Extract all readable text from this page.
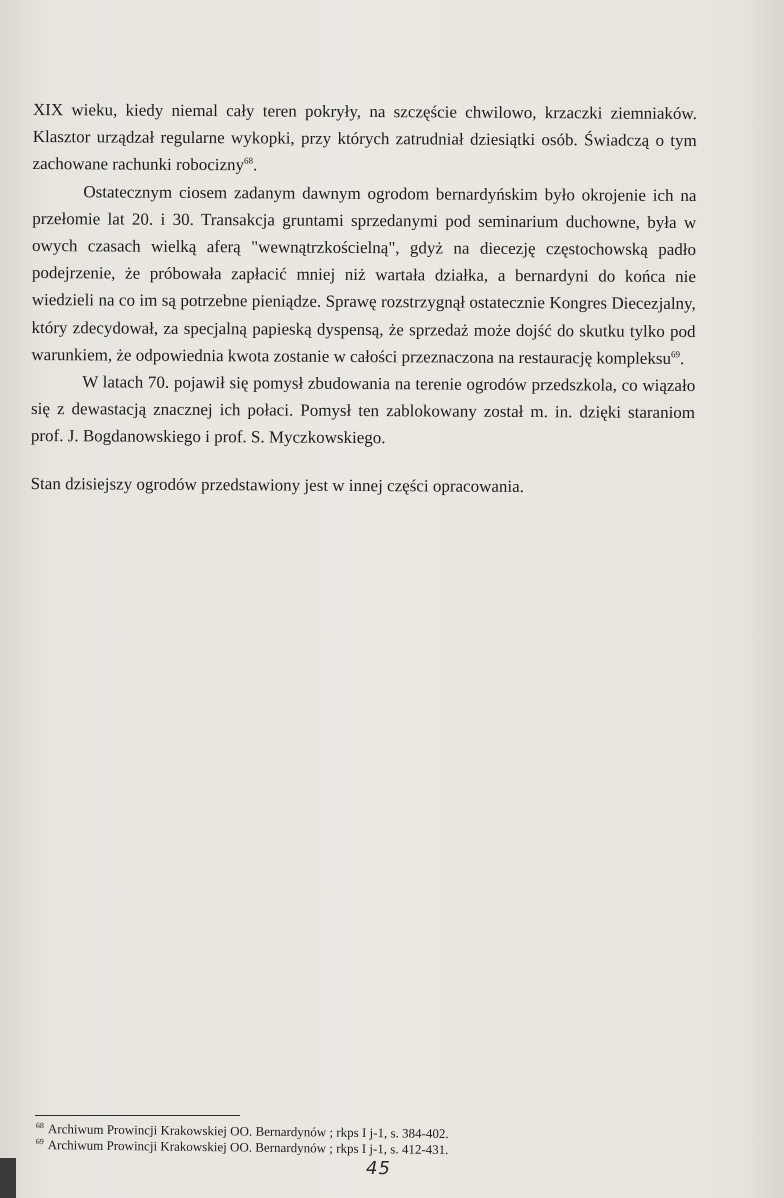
XIX wieku, kiedy niemal cały teren pokryły, na szczęście chwilowo, krzaczki ziemniaków. Klasztor urządzał regularne wykopki, przy których zatrudniał dziesiątki osób. Świadczą o tym zachowane rachunki robocizny$^{68}$.

Ostatecznym ciosem zadanym dawnym ogrodom bernardyńskim było okrojenie ich na przełomie lat 20. i 30. Transakcja gruntami sprzedanymi pod seminarium duchowne, była w owych czasach wielką aferą "wewnątrzkościelną", gdyż na diecezję częstochowską padło podejrzenie, że próbowała zapłacić mniej niż wartała działka, a bernardyni do końca nie wiedzieli na co im są potrzebne pieniądze. Sprawę rozstrzygnął ostatecznie Kongres Diecezjalny, który zdecydował, za specjalną papieską dyspensą, że sprzedaż może dojść do skutku tylko pod warunkiem, że odpowiednia kwota zostanie w całości przeznaczona na restaurację kompleksu$^{69}$.

W latach 70. pojawił się pomysł zbudowania na terenie ogrodów przedszkola, co wiązało się z dewastacją znacznej ich połaci. Pomysł ten zablokowany został m. in. dzięki staraniom prof. J. Bogdanowskiego i prof. S. Myczkowskiego.

Stan dzisiejszy ogrodów przedstawiony jest w innej części opracowania.

68 Archiwum Prowincji Krakowskiej OO. Bernardynów ; rkps I j-1, s. 384-402.
69 Archiwum Prowincji Krakowskiej OO. Bernardynów ; rkps I j-1, s. 412-431.
45
